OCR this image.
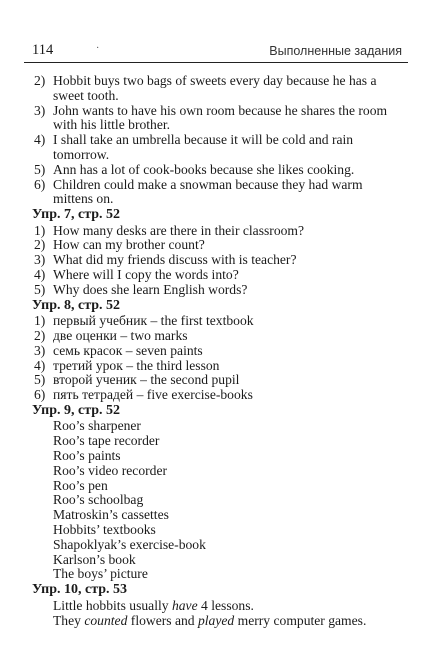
114	·	Выполненные задания
2) Hobbit buys two bags of sweets every day because he has a
sweet tooth.
3) John wants to have his own room because he shares the room
with his little brother.
4) I shall take an umbrella because it will be cold and rain
tomorrow.
5) Ann has a lot of cook-books because she likes cooking.
6) Children could make a snowman because they had warm
mittens on.
Упр. 7, стр. 52
1) How many desks are there in their classroom?
2) How can my brother count?
3) What did my friends discuss with is teacher?
4) Where will I copy the words into?
5) Why does she learn English words?
Упр. 8, стр. 52
1) первый учебник – the first textbook
2) две оценки – two marks
3) семь красок – seven paints
4) третий урок – the third lesson
5) второй ученик – the second pupil
6) пять тетрадей – five exercise-books
Упр. 9, стр. 52
Roo’s sharpener
Roo’s tape recorder
Roo’s paints
Roo’s video recorder
Roo’s pen
Roo’s schoolbag
Matroskin’s cassettes
Hobbits’ textbooks
Shapoklyak’s exercise-book
Karlson’s book
The boys’ picture
Упр. 10, стр. 53
Little hobbits usually have 4 lessons.
They counted flowers and played merry computer games.
